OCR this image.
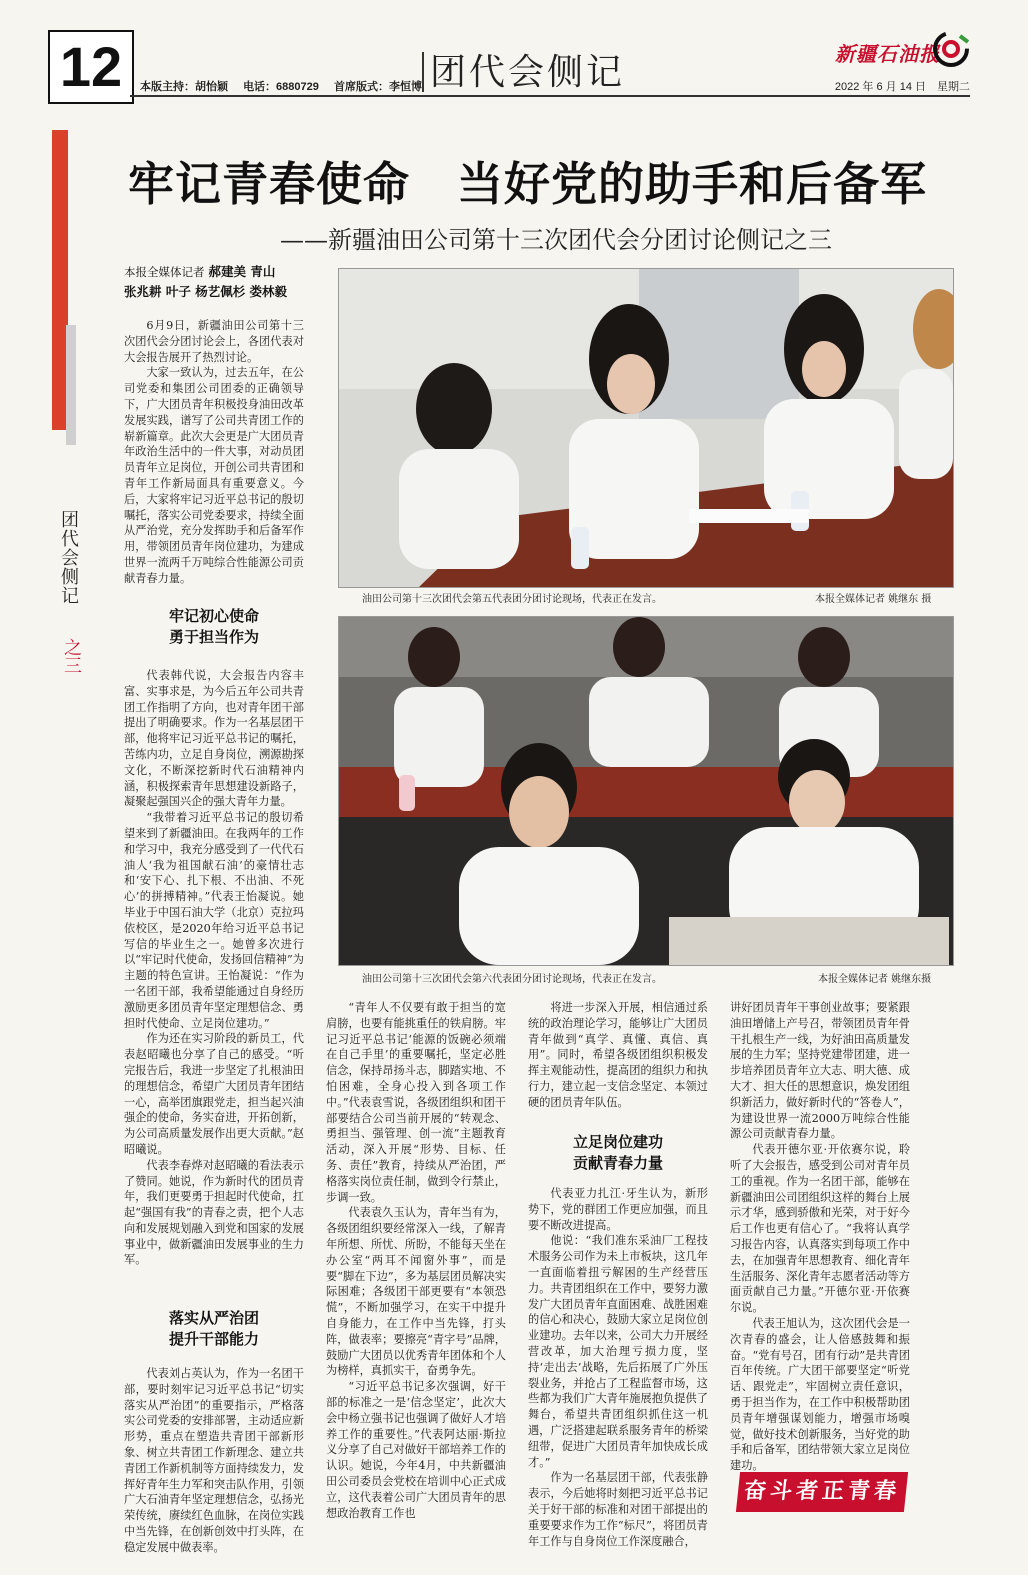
12	团代会侧记
本版主持：胡怡颖 电话：6880729 首席版式：李恒博	2022 年 6 月 14 日　星期二
新疆石油报
团代会侧记
之三
牢记青春使命　当好党的助手和后备军
——新疆油田公司第十三次团代会分团讨论侧记之三
本报全媒体记者 郝建美 青山
张兆耕 叶子 杨艺佩杉 娄林毅

6月9日，新疆油田公司第十三次团代会分团讨论会上，各团代表对大会报告展开了热烈讨论。

大家一致认为，过去五年，在公司党委和集团公司团委的正确领导下，广大团员青年积极投身油田改革发展实践，谱写了公司共青团工作的崭新篇章。此次大会更是广大团员青年政治生活中的一件大事，对动员团员青年立足岗位，开创公司共青团和青年工作新局面具有重要意义。今后，大家将牢记习近平总书记的殷切嘱托，落实公司党委要求，持续全面从严治党，充分发挥助手和后备军作用，带领团员青年岗位建功，为建成世界一流两千万吨综合性能源公司贡献青春力量。

牢记初心使命
勇于担当作为

代表韩代说，大会报告内容丰富、实事求是，为今后五年公司共青团工作指明了方向，也对青年团干部提出了明确要求。作为一名基层团干部，他将牢记习近平总书记的嘱托，苦练内功，立足自身岗位，溯源勘探文化，不断深挖新时代石油精神内涵，积极探索青年思想建设新路子，凝聚起强国兴企的强大青年力量。

“我带着习近平总书记的殷切希望来到了新疆油田。在我两年的工作和学习中，我充分感受到了一代代石油人‘我为祖国献石油’的豪情壮志和‘安下心、扎下根、不出油、不死心’的拼搏精神。”代表王怡凝说。她毕业于中国石油大学（北京）克拉玛依校区，是2020年给习近平总书记写信的毕业生之一。她曾多次进行以“牢记时代使命，发扬回信精神”为主题的特色宣讲。王怡凝说：“作为一名团干部，我希望能通过自身经历激励更多团员青年坚定理想信念、勇担时代使命、立足岗位建功。”

作为还在实习阶段的新员工，代表赵昭曦也分享了自己的感受。“听完报告后，我进一步坚定了扎根油田的理想信念，希望广大团员青年团结一心，高举团旗跟党走，担当起兴油强企的使命，务实奋进，开拓创新，为公司高质量发展作出更大贡献。”赵昭曦说。

代表李春烨对赵昭曦的看法表示了赞同。她说，作为新时代的团员青年，我们更要勇于担起时代使命，扛起“强国有我”的青春之责，把个人志向和发展规划融入到党和国家的发展事业中，做新疆油田发展事业的生力军。

落实从严治团
提升干部能力

代表刘占英认为，作为一名团干部，要时刻牢记习近平总书记“切实落实从严治团”的重要指示，严格落实公司党委的安排部署，主动适应新形势，重点在塑造共青团干部新形象、树立共青团工作新理念、建立共青团工作新机制等方面持续发力，发挥好青年生力军和突击队作用，引领广大石油青年坚定理想信念，弘扬光荣传统，赓续红色血脉，在岗位实践中当先锋，在创新创效中打头阵，在稳定发展中做表率。

油田公司第十三次团代会第五代表团分团讨论现场，代表正在发言。	本报全媒体记者 姚继东 摄
油田公司第十三次团代会第六代表团分团讨论现场，代表正在发言。	本报全媒体记者 姚继东摄

“青年人不仅要有敢于担当的宽肩膀，也要有能挑重任的铁肩膀。牢记习近平总书记‘能源的饭碗必须端在自己手里’的重要嘱托，坚定必胜信念，保持昂扬斗志，脚踏实地、不怕困难，全身心投入到各项工作中。”代表袁雪说，各级团组织和团干部要结合公司当前开展的“转观念、勇担当、强管理、创一流”主题教育活动，深入开展“形势、目标、任务、责任”教育，持续从严治团，严格落实岗位责任制，做到令行禁止，步调一致。

代表袁久玉认为，青年当有为，各级团组织要经常深入一线，了解青年所想、所忧、所盼，不能每天坐在办公室“两耳不闻窗外事”，而是要“脚在下边”，多为基层团员解决实际困难；各级团干部更要有“本领恐慌”，不断加强学习，在实干中提升自身能力，在工作中当先锋，打头阵，做表率；要擦亮“青字号”品牌，鼓励广大团员以优秀青年团体和个人为榜样，真抓实干，奋勇争先。

“习近平总书记多次强调，好干部的标准之一是‘信念坚定’，此次大会中杨立强书记也强调了做好人才培养工作的重要性。”代表阿达丽·斯拉义分享了自己对做好干部培养工作的认识。她说，今年4月，中共新疆油田公司委员会党校在培训中心正式成立，这代表着公司广大团员青年的思想政治教育工作也

将进一步深入开展，相信通过系统的政治理论学习，能够让广大团员青年做到“真学、真懂、真信、真用”。同时，希望各级团组织积极发挥主观能动性，提高团的组织力和执行力，建立起一支信念坚定、本领过硬的团员青年队伍。

立足岗位建功
贡献青春力量

代表亚力扎江·牙生认为，新形势下，党的群团工作更应加强，而且要不断改进提高。

他说：“我们准东采油厂工程技术服务公司作为未上市板块，这几年一直面临着扭亏解困的生产经营压力。共青团组织在工作中，要努力激发广大团员青年直面困难、战胜困难的信心和决心，鼓励大家立足岗位创业建功。去年以来，公司大力开展经营改革，加大治理亏损力度，坚持‘走出去’战略，先后拓展了广外压裂业务，并抢占了工程监督市场，这些都为我们广大青年施展抱负提供了舞台，希望共青团组织抓住这一机遇，广泛搭建起联系服务青年的桥梁纽带，促进广大团员青年加快成长成才。”

作为一名基层团干部，代表张静表示，今后她将时刻把习近平总书记关于好干部的标准和对团干部提出的重要要求作为工作“标尺”，将团员青年工作与自身岗位工作深度融合，

讲好团员青年干事创业故事；要紧跟油田增储上产号召，带领团员青年骨干扎根生产一线，为好油田高质量发展的生力军；坚持党建带团建，进一步培养团员青年立大志、明大德、成大才、担大任的思想意识，焕发团组织新活力，做好新时代的“答卷人”，为建设世界一流2000万吨综合性能源公司贡献青春力量。

代表开德尔亚·开依赛尔说，聆听了大会报告，感受到公司对青年员工的重视。作为一名团干部，能够在新疆油田公司团组织这样的舞台上展示才华，感到骄傲和光荣，对于好今后工作也更有信心了。“我将认真学习报告内容，认真落实到每项工作中去，在加强青年思想教育、细化青年生活服务、深化青年志愿者活动等方面贡献自己力量。”开德尔亚·开依赛尔说。

代表王旭认为，这次团代会是一次青春的盛会，让人倍感鼓舞和振奋。“党有号召，团有行动”是共青团百年传统。广大团干部要坚定“听党话、跟党走”，牢固树立责任意识，勇于担当作为，在工作中积极帮助团员青年增强谋划能力，增强市场嗅觉，做好技术创新服务，当好党的助手和后备军，团结带领大家立足岗位建功。

奋斗者正青春
